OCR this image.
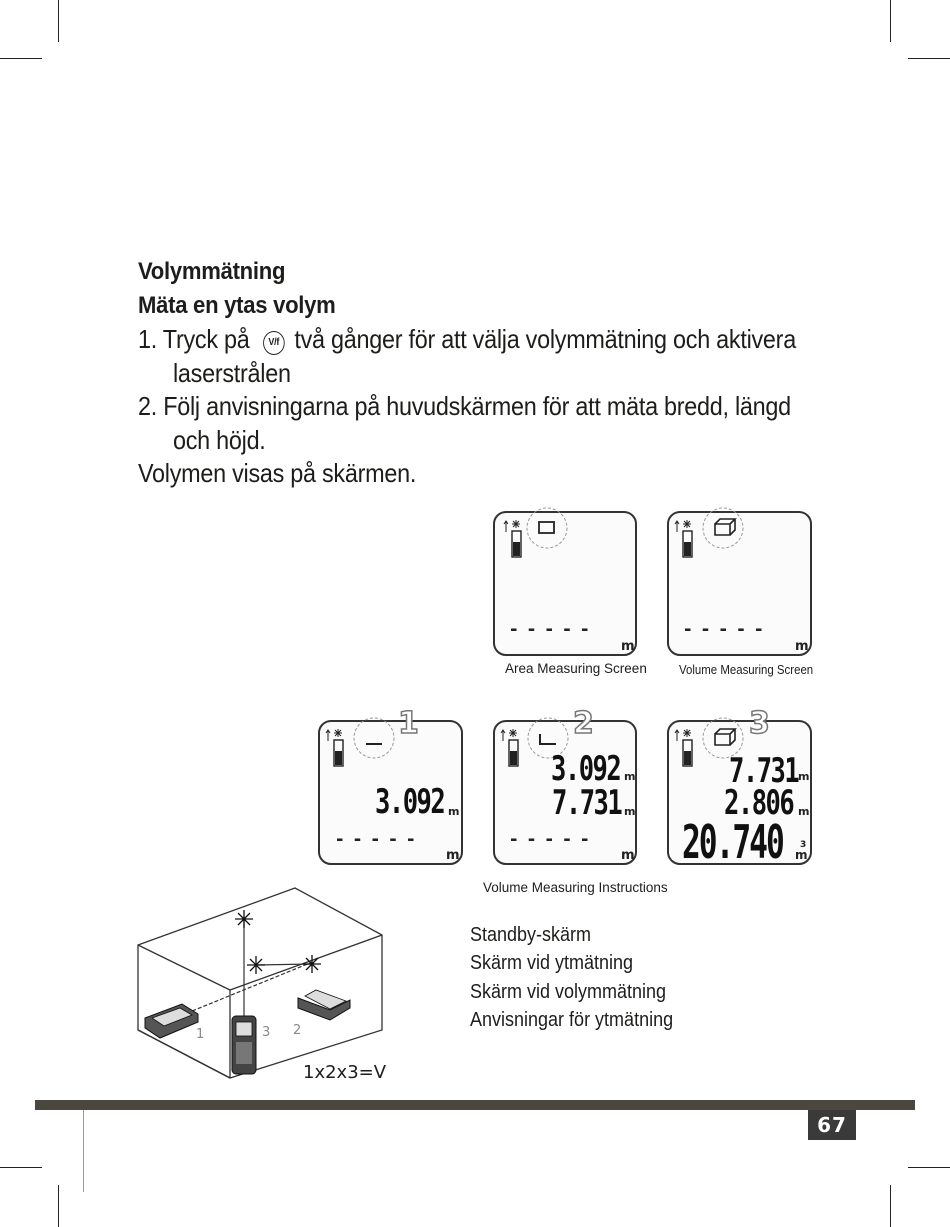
Volymmätning
Mäta en ytas volym
1. Tryck på V/f två gånger för att välja volymmätning och aktivera
laserstrålen
2. Följ anvisningarna på huvudskärmen för att mäta bredd, längd
och höjd.
Volymen visas på skärmen.
- - - - -
m
- - - - -
m
1
3.092 m
- - - - -
m
2
3.092 m
7.731 m
- - - - -
m
3
7.731 m
2.806 m
20.740 3
m
Area Measuring Screen Volume Measuring Screen
Volume Measuring Instructions
1	3 2
1x2x3=V
Standby-skärm
Skärm vid ytmätning
Skärm vid volymmätning
Anvisningar för ytmätning
67
